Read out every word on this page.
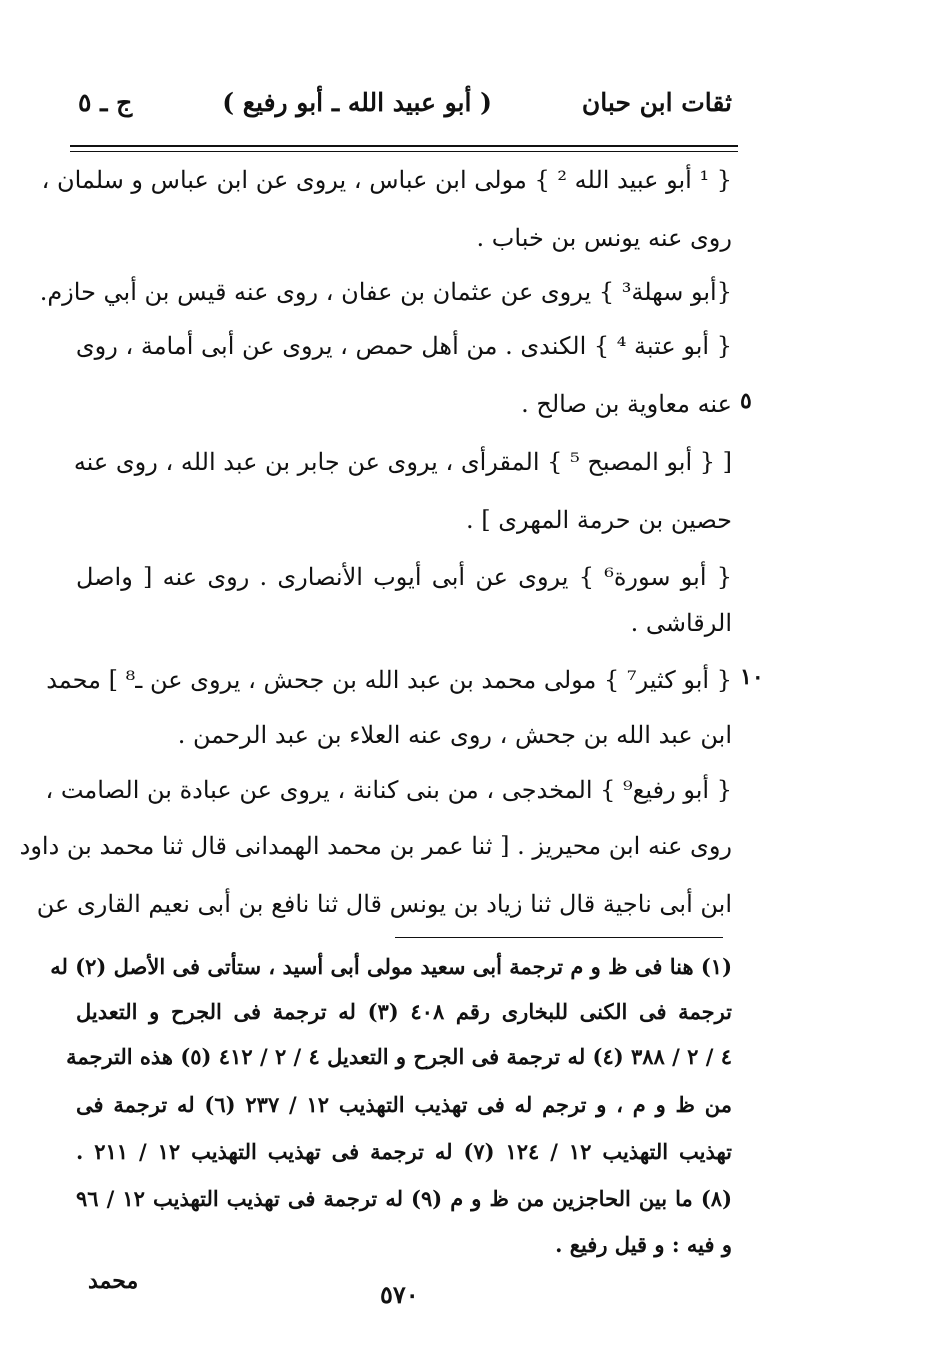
ثقات ابن حبان
( أبو عبيد الله ـ أبو رفيع )
ج ـ ٥
{ ¹ أبو عبيد الله ² } مولى ابن عباس ، يروى عن ابن عباس و سلمان ،
روى عنه يونس بن خباب .
{أبو سهلة³ } يروى عن عثمان بن عفان ، روى عنه قيس بن أبي حازم.
{ أبو عتبة ⁴ } الكندى . من أهل حمص ، يروى عن أبى أمامة ، روى
عنه معاوية بن صالح . ٥
[ { أبو المصبح ⁵ } المقرأى ، يروى عن جابر بن عبد الله ، روى عنه
حصين بن حرمة المهرى ] .
{ أبو سورة⁶ } يروى عن أبى أيوب الأنصارى . روى عنه [ واصل
الرقاشى .
{ أبو كثير⁷ } مولى محمد بن عبد الله بن جحش ، يروى عن ـ⁸ ] محمد ١٠
ابن عبد الله بن جحش ، روى عنه العلاء بن عبد الرحمن .
{ أبو رفيع⁹ } المخدجى ، من بنى كنانة ، يروى عن عبادة بن الصامت ،
روى عنه ابن محيريز . [ ثنا عمر بن محمد الهمدانى قال ثنا محمد بن داود
ابن أبى ناجية قال ثنا زياد بن يونس قال ثنا نافع بن أبى نعيم القارى عن
(١) هنا فى ظ و م ترجمة أبى سعيد مولى أبى أسيد ، ستأتى فى الأصل (٢) له
ترجمة فى الكنى للبخارى رقم ٤٠٨ (٣) له ترجمة فى الجرح و التعديل
٤ / ٢ / ٣٨٨ (٤) له ترجمة فى الجرح و التعديل ٤ / ٢ / ٤١٢ (٥) هذه الترجمة
من ظ و م ، و ترجم له فى تهذيب التهذيب ١٢ / ٢٣٧ (٦) له ترجمة فى
تهذيب التهذيب ١٢ / ١٢٤ (٧) له ترجمة فى تهذيب التهذيب ١٢ / ٢١١ .
(٨) ما بين الحاجزين من ظ و م (٩) له ترجمة فى تهذيب التهذيب ١٢ / ٩٦
و فيه : و قيل رفيع .
محمد	٥٧٠
